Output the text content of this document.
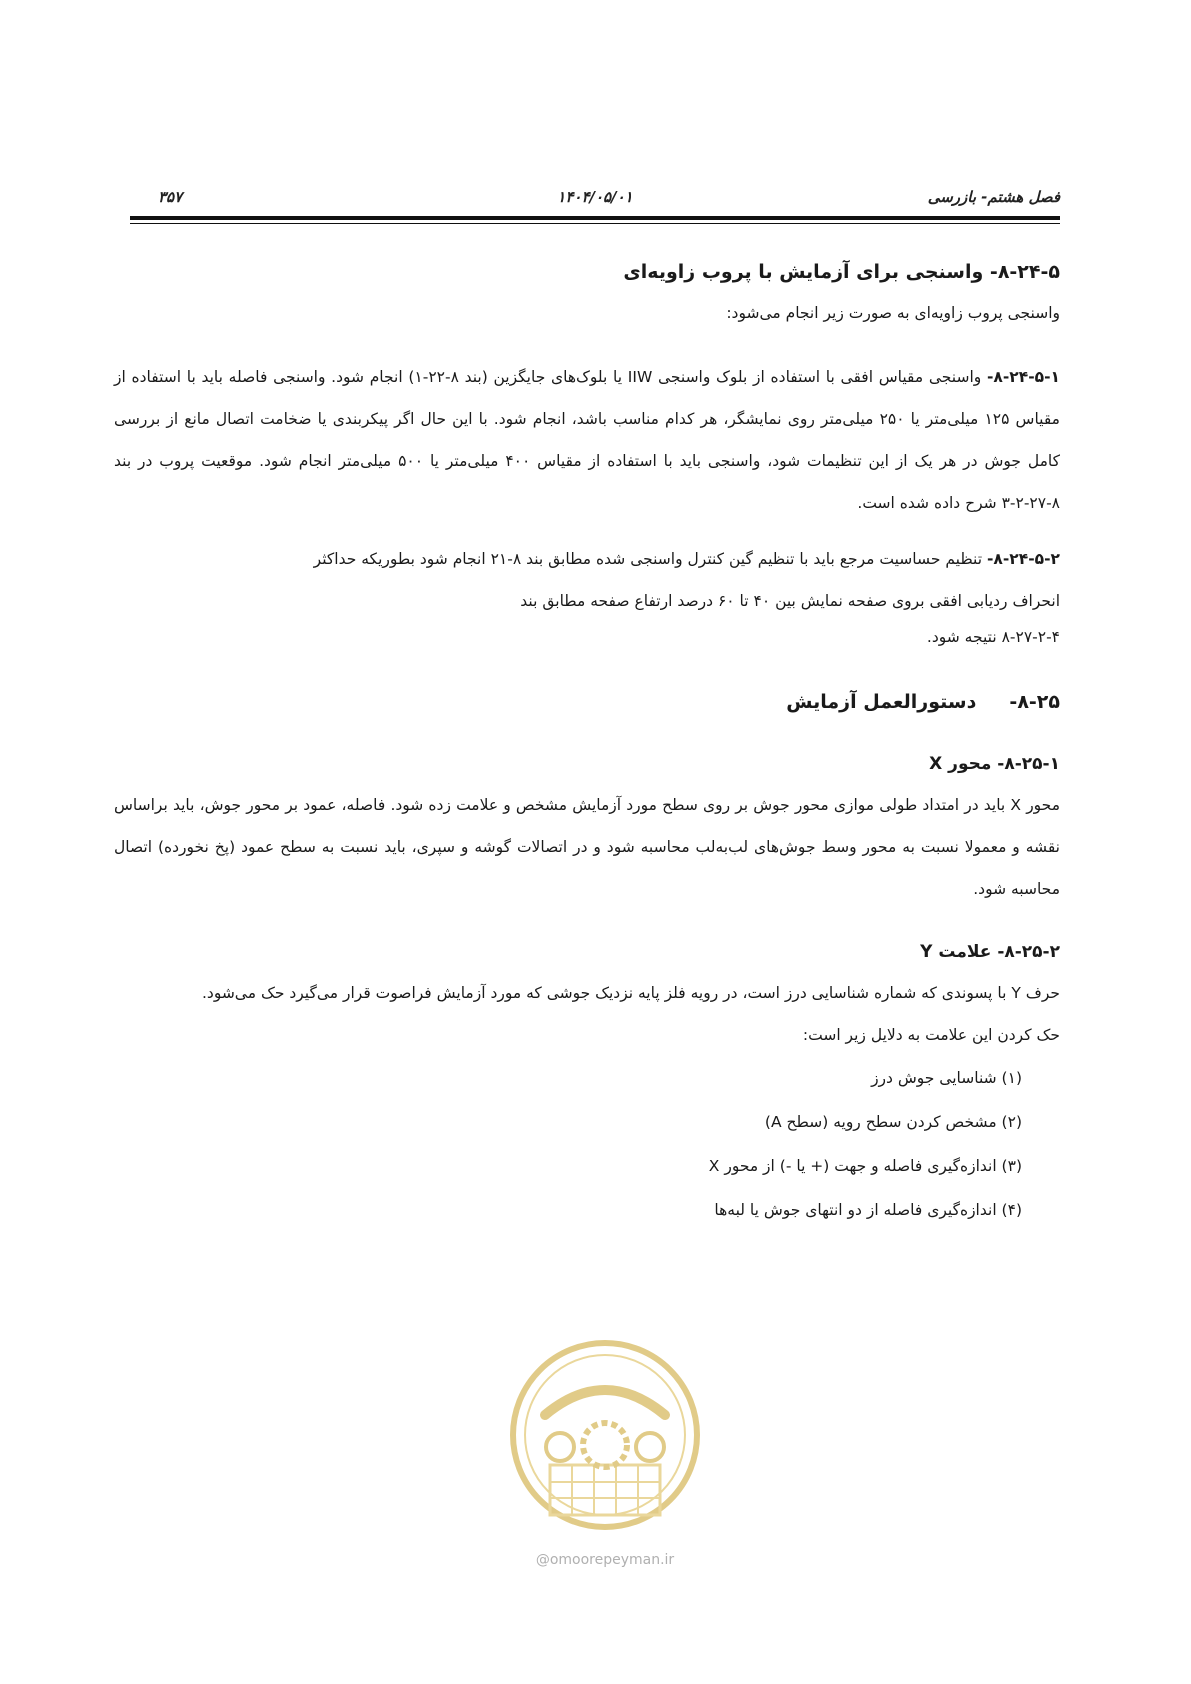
فصل هشتم- بازرسی
۱۴۰۴/۰۵/۰۱
۳۵۷

۸-۲۴-۵- واسنجی برای آزمایش با پروب زاویه‌ای

واسنجی پروب زاویه‌ای به صورت زیر انجام می‌شود:

۸-۲۴-۵-۱- واسنجی مقیاس افقی با استفاده از بلوک واسنجی IIW یا بلوک‌های جایگزین (بند ۸-۲۲-۱) انجام شود. واسنجی فاصله باید با استفاده از مقیاس ۱۲۵ میلی‌متر یا ۲۵۰ میلی‌متر روی نمایشگر، هر کدام مناسب باشد، انجام شود. با این حال اگر پیکربندی یا ضخامت اتصال مانع از بررسی کامل جوش در هر یک از این تنظیمات شود، واسنجی باید با استفاده از مقیاس ۴۰۰ میلی‌متر یا ۵۰۰ میلی‌متر انجام شود. موقعیت پروب در بند ۸-۲۷-۲-۳ شرح داده شده است.

۸-۲۴-۵-۲- تنظیم حساسیت مرجع باید با تنظیم گین کنترل واسنجی شده مطابق بند ۸-۲۱ انجام شود بطوریکه حداکثر

انحراف ردیابی افقی بروی صفحه نمایش بین ۴۰ تا ۶۰ درصد ارتفاع صفحه مطابق بند

۸-۲۷-۲-۴ نتیجه شود.

۸-۲۵-     دستورالعمل آزمایش

۸-۲۵-۱- محور X

محور X باید در امتداد طولی موازی محور جوش بر روی سطح مورد آزمایش مشخص و علامت زده شود. فاصله، عمود بر محور جوش، باید براساس نقشه و معمولا نسبت به محور وسط جوش‌های لب‌به‌لب محاسبه شود و در اتصالات گوشه و سپری، باید نسبت به سطح عمود (پخ نخورده) اتصال محاسبه شود.

۸-۲۵-۲- علامت Y

حرف Y با پسوندی که شماره شناسایی درز است، در رویه فلز پایه نزدیک جوشی که مورد آزمایش فراصوت قرار می‌گیرد حک می‌شود.

حک کردن این علامت به دلایل زیر است:

(۱) شناسایی جوش درز

(۲) مشخص کردن سطح رویه (سطح A)

(۳) اندازه‌گیری فاصله و جهت (+ یا -) از محور X

(۴) اندازه‌گیری فاصله از دو انتهای جوش یا لبه‌ها

@omoorepeyman.ir
